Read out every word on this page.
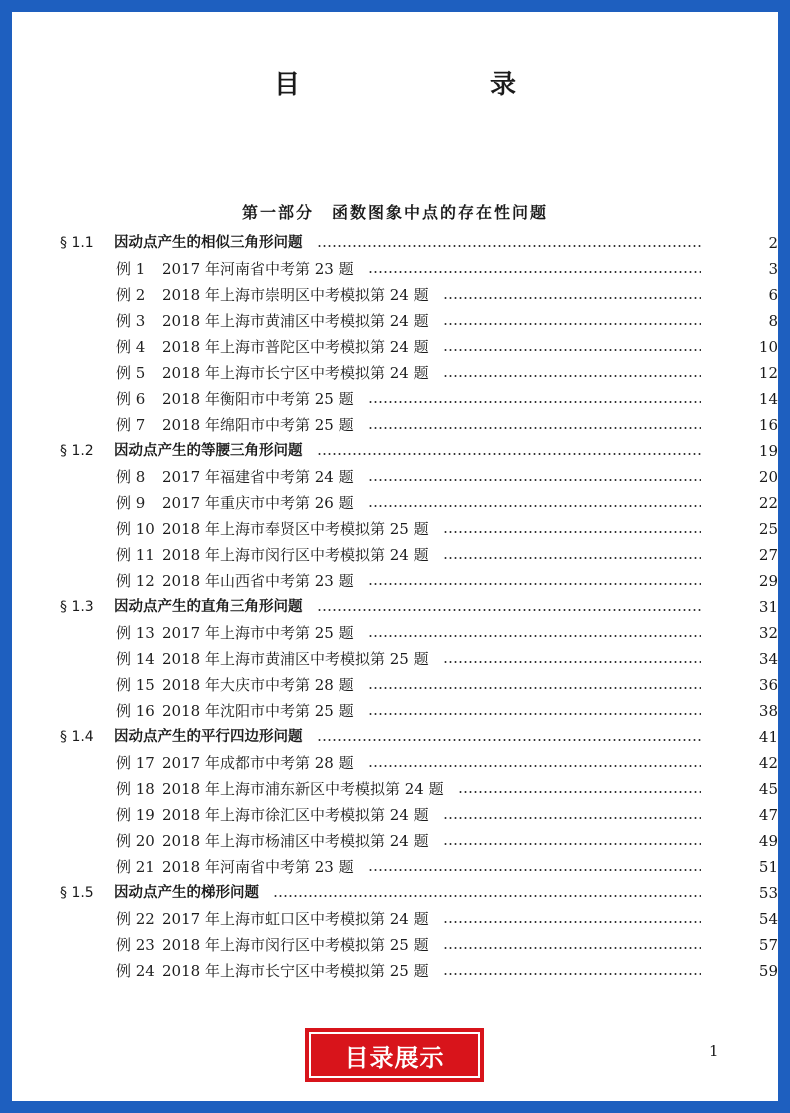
目　　录
第一部分　函数图象中点的存在性问题
§ 1.1	因动点产生的相似三角形问题	2
例 1	2017 年河南省中考第 23 题	3
例 2	2018 年上海市崇明区中考模拟第 24 题	6
例 3	2018 年上海市黄浦区中考模拟第 24 题	8
例 4	2018 年上海市普陀区中考模拟第 24 题	10
例 5	2018 年上海市长宁区中考模拟第 24 题	12
例 6	2018 年衡阳市中考第 25 题	14
例 7	2018 年绵阳市中考第 25 题	16
§ 1.2	因动点产生的等腰三角形问题	19
例 8	2017 年福建省中考第 24 题	20
例 9	2017 年重庆市中考第 26 题	22
例 10 2018 年上海市奉贤区中考模拟第 25 题	25
例 11 2018 年上海市闵行区中考模拟第 24 题	27
例 12 2018 年山西省中考第 23 题	29
§ 1.3	因动点产生的直角三角形问题	31
例 13 2017 年上海市中考第 25 题	32
例 14 2018 年上海市黄浦区中考模拟第 25 题	34
例 15 2018 年大庆市中考第 28 题	36
例 16 2018 年沈阳市中考第 25 题	38
§ 1.4	因动点产生的平行四边形问题	41
例 17 2017 年成都市中考第 28 题	42
例 18 2018 年上海市浦东新区中考模拟第 24 题	45
例 19 2018 年上海市徐汇区中考模拟第 24 题	47
例 20 2018 年上海市杨浦区中考模拟第 24 题	49
例 21 2018 年河南省中考第 23 题	51
§ 1.5	因动点产生的梯形问题	53
例 22 2017 年上海市虹口区中考模拟第 24 题	54
例 23 2018 年上海市闵行区中考模拟第 25 题	57
例 24 2018 年上海市长宁区中考模拟第 25 题	59
目录展示	1
